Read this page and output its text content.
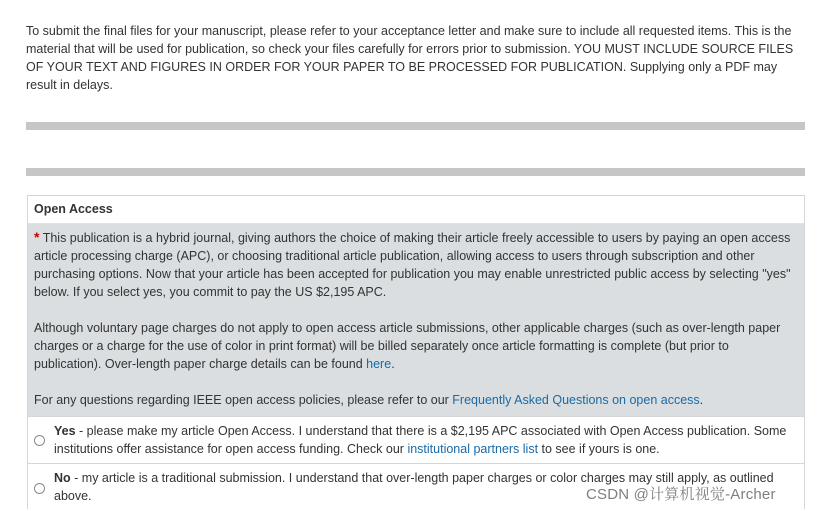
To submit the final files for your manuscript, please refer to your acceptance letter and make sure to include all requested items. This is the material that will be used for publication, so check your files carefully for errors prior to submission. YOU MUST INCLUDE SOURCE FILES OF YOUR TEXT AND FIGURES IN ORDER FOR YOUR PAPER TO BE PROCESSED FOR PUBLICATION. Supplying only a PDF may result in delays.
Open Access

* This publication is a hybrid journal, giving authors the choice of making their article freely accessible to users by paying an open access article processing charge (APC), or choosing traditional article publication, allowing access to users through subscription and other purchasing options. Now that your article has been accepted for publication you may enable unrestricted public access by selecting "yes" below. If you select yes, you commit to pay the US $2,195 APC.

Although voluntary page charges do not apply to open access article submissions, other applicable charges (such as over-length paper charges or a charge for the use of color in print format) will be billed separately once article formatting is complete (but prior to publication). Over-length paper charge details can be found here.

For any questions regarding IEEE open access policies, please refer to our Frequently Asked Questions on open access.

Yes - please make my article Open Access. I understand that there is a $2,195 APC associated with Open Access publication. Some institutions offer assistance for open access funding. Check our institutional partners list to see if yours is one.
No - my article is a traditional submission. I understand that over-length paper charges or color charges may still apply, as outlined above.	CSDN @计算机视觉-Archer
